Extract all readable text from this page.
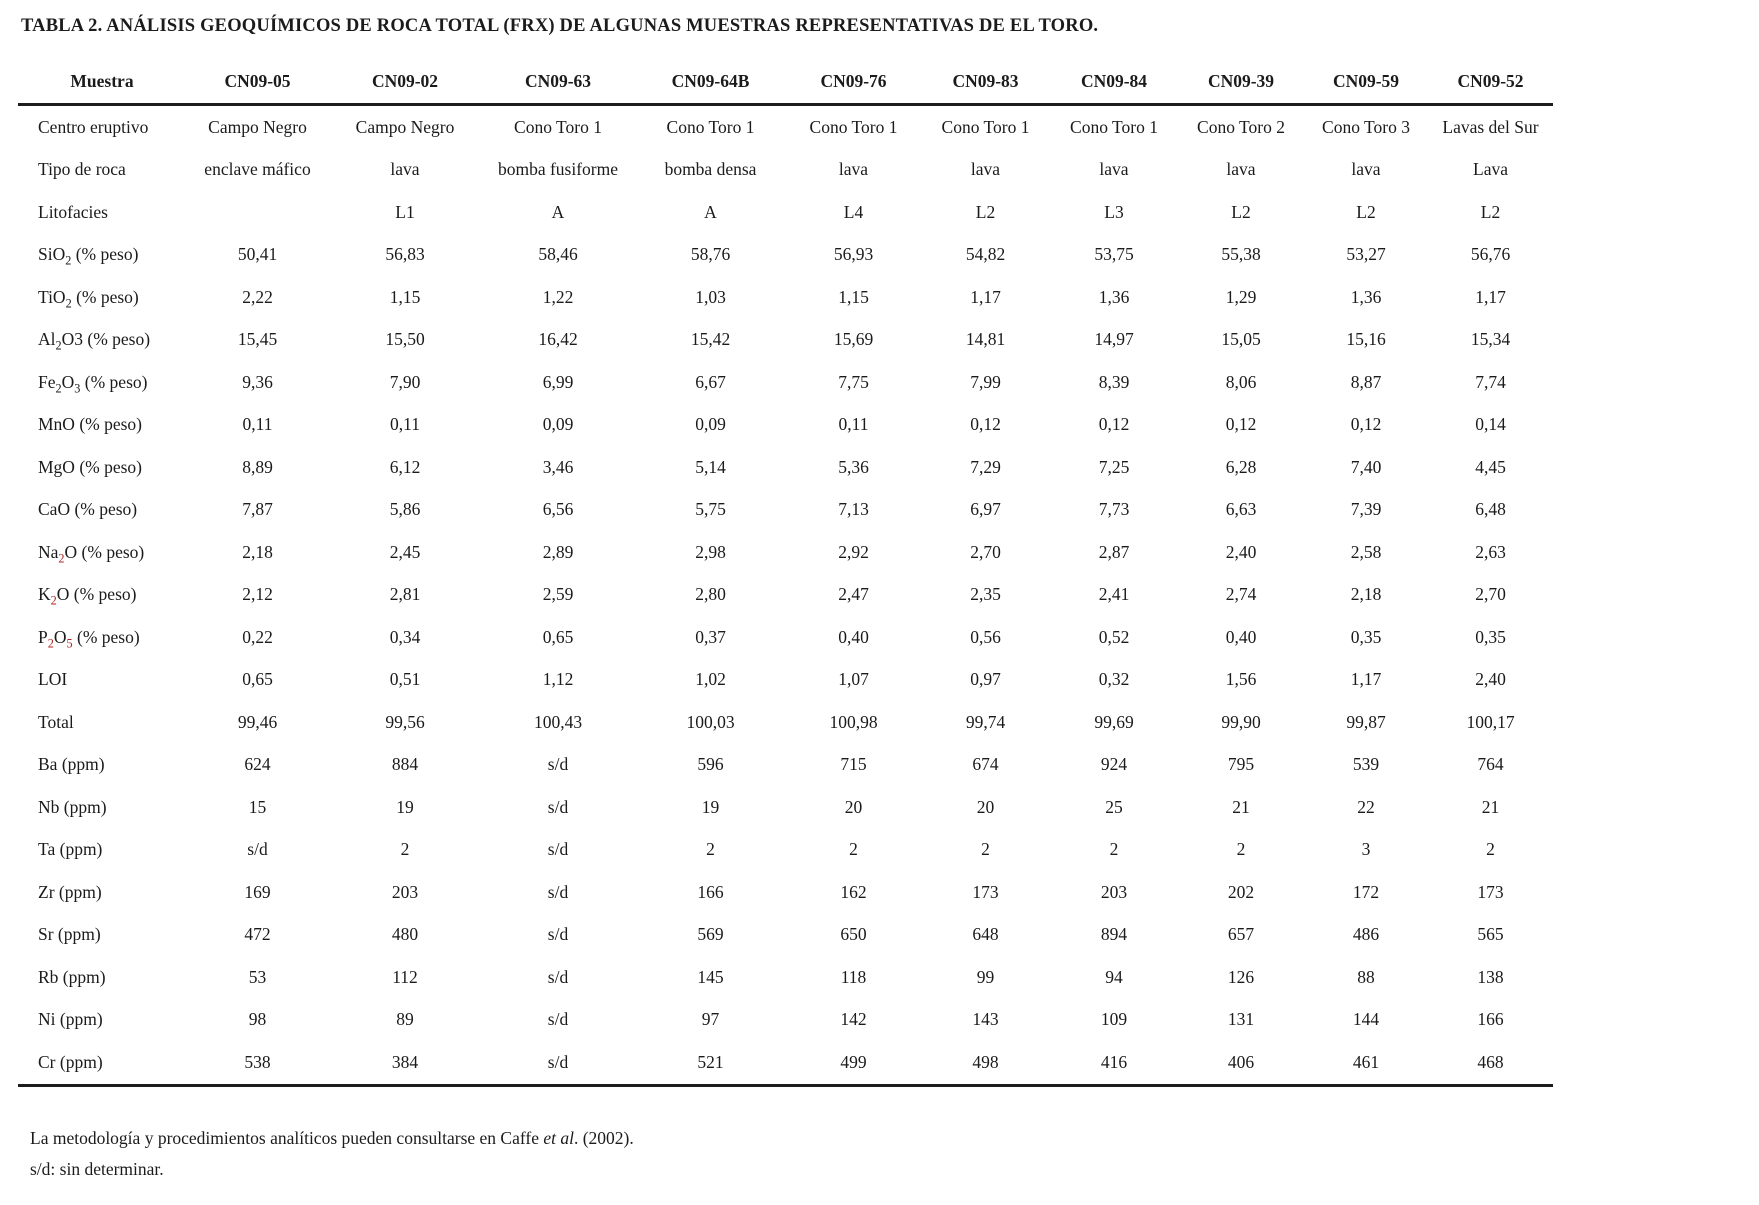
TABLA 2. ANÁLISIS GEOQUÍMICOS DE ROCA TOTAL (FRX) DE ALGUNAS MUESTRAS REPRESENTATIVAS DE EL TORO.
Muestra	CN09-05	CN09-02	CN09-63	CN09-64B	CN09-76	CN09-83	CN09-84	CN09-39	CN09-59	CN09-52
Centro eruptivo	Campo Negro	Campo Negro	Cono Toro 1	Cono Toro 1	Cono Toro 1	Cono Toro 1	Cono Toro 1	Cono Toro 2	Cono Toro 3	Lavas del Sur
Tipo de roca	enclave máfico	lava	bomba fusiforme	bomba densa	lava	lava	lava	lava	lava	Lava
Litofacies		L1	A	A	L4	L2	L3	L2	L2	L2
SiO$_2$ (% peso)	50,41	56,83	58,46	58,76	56,93	54,82	53,75	55,38	53,27	56,76
TiO$_2$ (% peso)	2,22	1,15	1,22	1,03	1,15	1,17	1,36	1,29	1,36	1,17
$Al_2O3$ (% peso)	15,45	15,50	16,42	15,42	15,69	14,81	14,97	15,05	15,16	15,34
$Fe_2O_3$ (% peso)	9,36	7,90	6,99	6,67	7,75	7,99	8,39	8,06	8,87	7,74
MnO (% peso)	0,11	0,11	0,09	0,09	0,11	0,12	0,12	0,12	0,12	0,14
MgO (% peso)	8,89	6,12	3,46	5,14	5,36	7,29	7,25	6,28	7,40	4,45
CaO (% peso)	7,87	5,86	6,56	5,75	7,13	6,97	7,73	6,63	7,39	6,48
$Na_2O$ (% peso)	2,18	2,45	2,89	2,98	2,92	2,70	2,87	2,40	2,58	2,63
$K_2O$ (% peso)	2,12	2,81	2,59	2,80	2,47	2,35	2,41	2,74	2,18	2,70
$P_2O_5$ (% peso)	0,22	0,34	0,65	0,37	0,40	0,56	0,52	0,40	0,35	0,35
LOI	0,65	0,51	1,12	1,02	1,07	0,97	0,32	1,56	1,17	2,40
Total	99,46	99,56	100,43	100,03	100,98	99,74	99,69	99,90	99,87	100,17
Ba (ppm)	624	884	s/d	596	715	674	924	795	539	764
Nb (ppm)	15	19	s/d	19	20	20	25	21	22	21
Ta (ppm)	s/d	2	s/d	2	2	2	2	2	3	2
Zr (ppm)	169	203	s/d	166	162	173	203	202	172	173
Sr (ppm)	472	480	s/d	569	650	648	894	657	486	565
Rb (ppm)	53	112	s/d	145	118	99	94	126	88	138
Ni (ppm)	98	89	s/d	97	142	143	109	131	144	166
Cr (ppm)	538	384	s/d	521	499	498	416	406	461	468
La metodología y procedimientos analíticos pueden consultarse en Caffe et al. (2002).
s/d: sin determinar.
